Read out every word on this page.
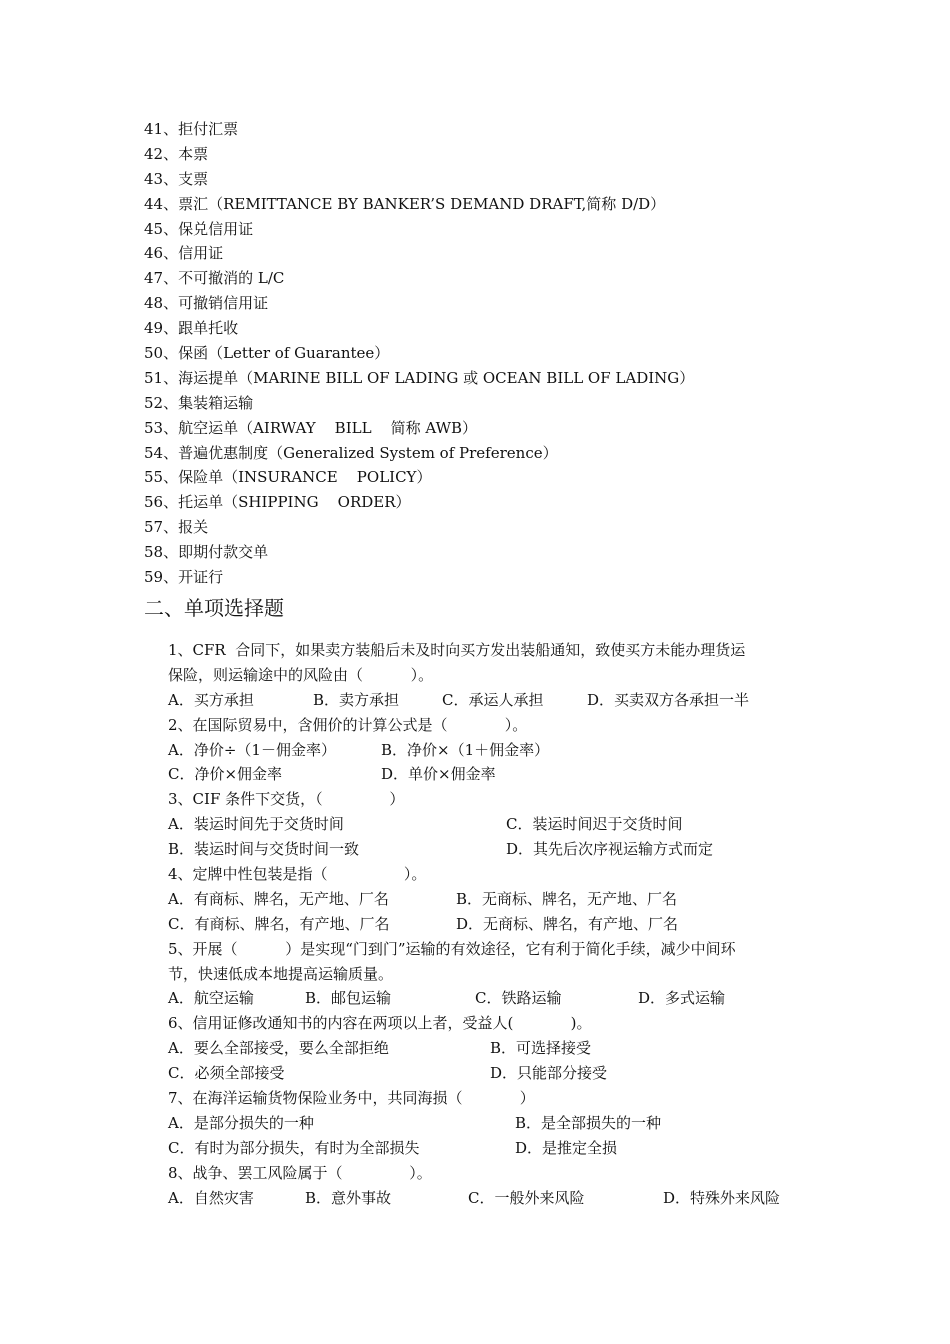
41、拒付汇票
42、本票
43、支票
44、票汇（REMITTANCE BY BANKER’S DEMAND DRAFT,简称 D/D）
45、保兑信用证
46、信用证
47、不可撤消的 L/C
48、可撤销信用证
49、跟单托收
50、保函（Letter of Guarantee）
51、海运提单（MARINE BILL OF LADING 或 OCEAN BILL OF LADING）
52、集装箱运输
53、航空运单（AIRWAY    BILL    简称 AWB）
54、普遍优惠制度（Generalized System of Preference）
55、保险单（INSURANCE    POLICY）
56、托运单（SHIPPING    ORDER）
57、报关
58、即期付款交单
59、开证行
二、单项选择题
1、CFR  合同下，如果卖方装船后未及时向买方发出装船通知，致使买方未能办理货运
保险，则运输途中的风险由（          ）。

A．买方承担

	B．卖方承担

	C．承运人承担

	D．买卖双方各承担一半

2、在国际贸易中，含佣价的计算公式是（            ）。

A．净价÷（1－佣金率）

	B．净价×（1＋佣金率）

C．净价×佣金率

	D．单价×佣金率

3、CIF 条件下交货，（              ）

A．装运时间先于交货时间

	C．装运时间迟于交货时间

B．装运时间与交货时间一致

	D．其先后次序视运输方式而定

4、定牌中性包装是指（                ）。

A．有商标、牌名，无产地、厂名

	B．无商标、牌名，无产地、厂名

C．有商标、牌名，有产地、厂名

	D．无商标、牌名，有产地、厂名

5、开展（          ）是实现“门到门”运输的有效途径，它有利于简化手续，减少中间环
节，快速低成本地提高运输质量。

A．航空运输

	B．邮包运输

	C．铁路运输

	D．多式运输

6、信用证修改通知书的内容在两项以上者，受益人(            )。

A．要么全部接受，要么全部拒绝

	B．可选择接受

C．必须全部接受

	D．只能部分接受

7、在海洋运输货物保险业务中，共同海损（            ）

A．是部分损失的一种

	B．是全部损失的一种

C．有时为部分损失，有时为全部损失

	D．是推定全损

8、战争、罢工风险属于（              ）。

A．自然灾害

	B．意外事故

	C．一般外来风险

	D．特殊外来风险
